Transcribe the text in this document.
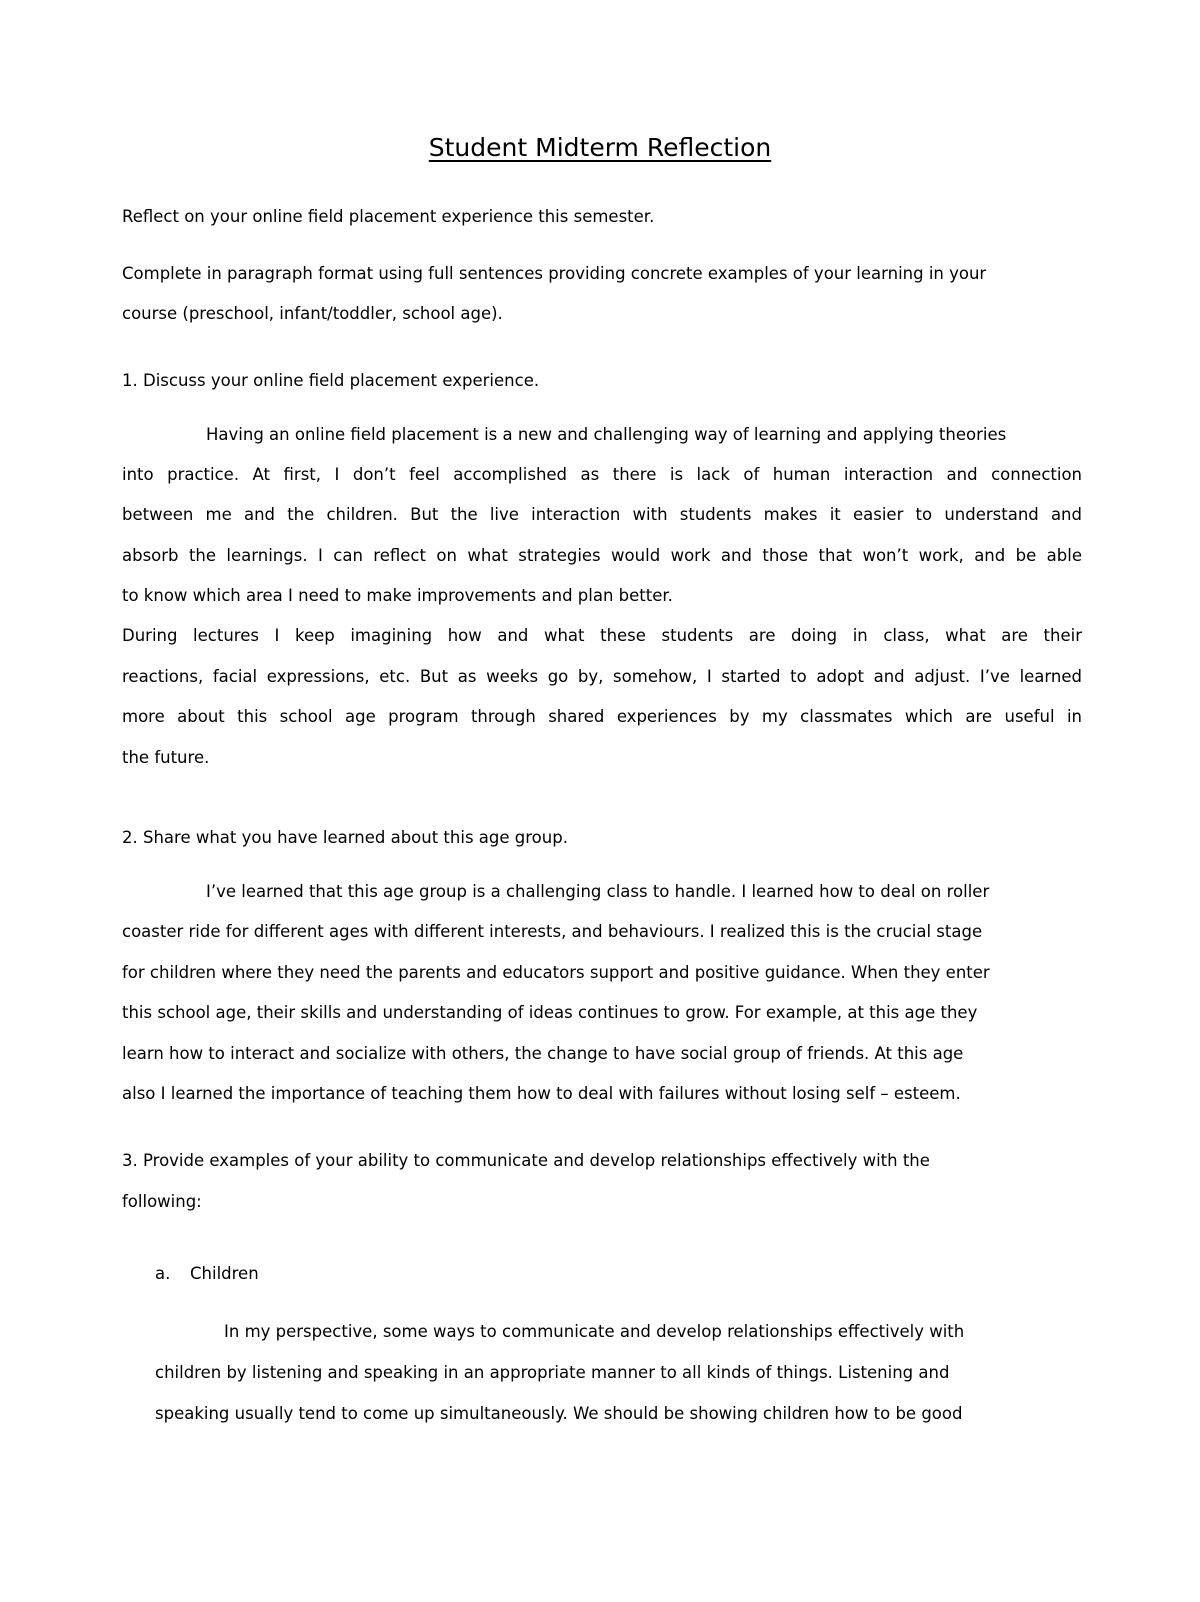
Student Midterm Reflection

Reflect on your online field placement experience this semester.

Complete in paragraph format using full sentences providing concrete examples of your learning in your

course (preschool, infant/toddler, school age).

1. Discuss your online field placement experience.

Having an online field placement is a new and challenging way of learning and applying theories

into practice. At first, I don’t feel accomplished as there is lack of human interaction and connection

between me and the children. But the live interaction with students makes it easier to understand and

absorb the learnings. I can reflect on what strategies would work and those that won’t work, and be able

to know which area I need to make improvements and plan better.

During lectures I keep imagining how and what these students are doing in class, what are their

reactions, facial expressions, etc. But as weeks go by, somehow, I started to adopt and adjust. I’ve learned

more about this school age program through shared experiences by my classmates which are useful in

the future.

2. Share what you have learned about this age group.

I’ve learned that this age group is a challenging class to handle. I learned how to deal on roller

coaster ride for different ages with different interests, and behaviours. I realized this is the crucial stage

for children where they need the parents and educators support and positive guidance. When they enter

this school age, their skills and understanding of ideas continues to grow. For example, at this age they

learn how to interact and socialize with others, the change to have social group of friends. At this age

also I learned the importance of teaching them how to deal with failures without losing self – esteem.

3. Provide examples of your ability to communicate and develop relationships effectively with the

following:

a. Children

In my perspective, some ways to communicate and develop relationships effectively with

children by listening and speaking in an appropriate manner to all kinds of things. Listening and

speaking usually tend to come up simultaneously. We should be showing children how to be good
